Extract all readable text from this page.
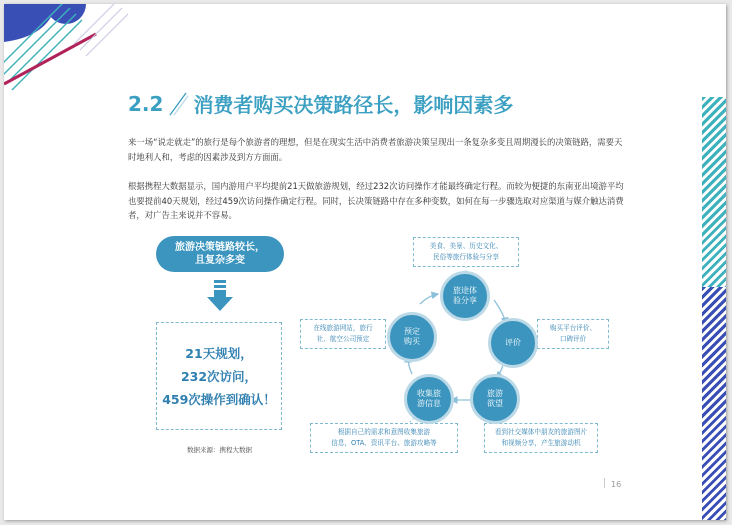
2.2 消费者购买决策路径长，影响因素多
来一场“说走就走”的旅行是每个旅游者的理想，但是在现实生活中消费者旅游决策呈现出一条复杂多变且周期漫长的决策链路，需要天时地利人和，考虑的因素涉及到方方面面。
根据携程大数据显示，国内游用户平均提前21天做旅游规划，经过232次访问操作才能最终确定行程。而较为便捷的东南亚出境游平均也要提前40天规划，经过459次访问操作确定行程。同时，长决策链路中存在多种变数，如何在每一步骤选取对应渠道与媒介触达消费者，对广告主来说并不容易。
旅游决策链路较长，
且复杂多变
21天规划，
232次访问，
459次操作到确认！
数据来源：携程大数据
美食、美景、历史文化、
民俗等旅行体验与分享
购买平台评价、
口碑评价
看到社交媒体中朋友的旅游图片
和视频分享，产生旅游动机
根据自己的需求和意图收集旅游
信息，OTA、资讯平台、旅游攻略等
在线旅游网站，旅行
社、航空公司预定
旅途体
验分享
评价
旅游
欲望
收集旅
游信息
预定
购买
16
